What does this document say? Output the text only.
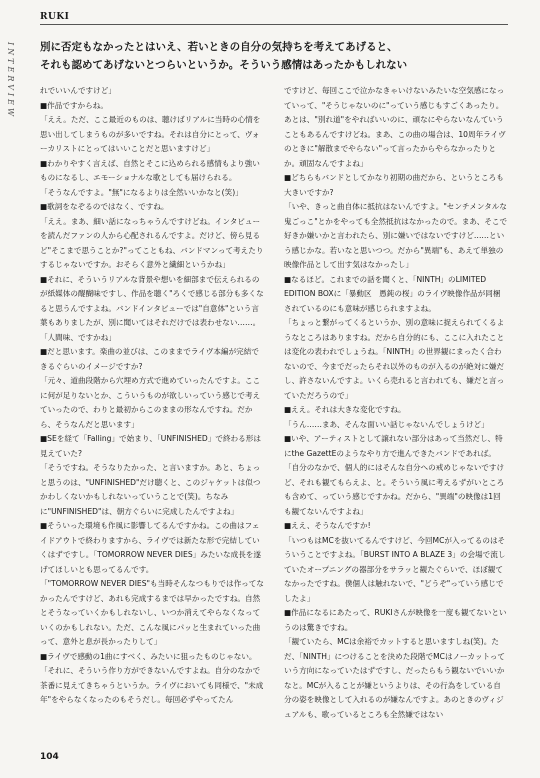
RUKI
INTERVIEW 別に否定もなかったとはいえ、若いときの自分の気持ちを考えてあげると、
それも認めてあげないとつらいというか。そういう感情はあったかもしれない

れでいいんですけど」

■作品ですからね。

「ええ。ただ、ここ最近のものは、聴けばリアルに当時の心情を思い出してしまうものが多いですね。それは自分にとって、ヴォーカリストにとってはいいことだと思いますけど」

■わかりやすく言えば、自然とそこに込められる感情もより強いものになるし、エモーショナルな歌としても届けられる。

「そうなんですよ。"無"になるよりは全然いいかなと(笑)」

■歌詞をなぞるのではなく、ですね。

「ええ。まあ、細い話になっちゃうんですけどね。インタビューを読んだファンの人から心配されるんですよ。だけど、傍ら見るど"そこまで思うことか?"ってこともね、バンドマンって考えたりするじゃないですか。おそらく意外と繊細というかね」

■それに、そういうリアルな背景や想いを細部まで伝えられるのが紙媒体の醍醐味ですし、作品を聴く"ろくで感じる部分も多くなると思うんですよね。バンドインタビューでは"自意体"という言葉もありましたが、別に聞いてはそれだけでは表わせない……。

「人間味、ですかね」

■だと思います。楽曲の並びは、このままでライヴ本編が完結できるぐらいのイメージですか?

「元々、道曲段階から穴埋め方式で進めていったんですよ。ここに何が足りないとか、こういうものが欲しいっていう感じで考えていったので、わりと最初からこのままの形なんですね。だから、そうなんだと思います」

■SEを経て「Falling」で始まり、「UNFINISHED」で終わる形は見えていた?

「そうですね。そうなりたかった、と言いますか。あと、ちょっと思うのは、"UNFINISHED"だけ聴くと、このジャケットは似つかわしくないかもしれないっていうことで(笑)。ちなみに"UNFINISHED"は、朝方ぐらいに完成したんですよね」

■そういった環境も作風に影響してるんですかね。この曲はフェイドアウトで終わりますから、ライヴでは新たな形で完結していくはずですし。「TOMORROW NEVER DIES」みたいな成長を遂げてほしいとも思ってるんです。

「"TOMORROW NEVER DIES"も当時そんなつもりでは作ってなかったんですけど、あれも完成するまでは早かったですね。自然とそうなっていくかもしれないし、いつか消えてやらなくなっていくのかもしれない。ただ、こんな風にパッと生まれていった曲って、意外と息が長かったりして」

■ライヴで感動の1曲にすべく、みたいに狙ったものじゃない。

「それに、そういう作り方ができないんですよね。自分のなかで茶番に見えてきちゃうというか。ライヴにおいても同様で、"未成年"をやらなくなったのもそうだし。毎回必ずやってたん

ですけど、毎回ここで泣かなきゃいけないみたいな空気感になっていって、"そうじゃないのに"っていう感じもすごくあったり。あとは、"別れ道"をやればいいのに、頑なにやらないなんていうこともあるんですけどね。まあ、この曲の場合は、10周年ライヴのときに"解散までやらない"って言ったからやらなかったりとか。頑固なんですよね」

■どちらもバンドとしてかなり初期の曲だから、というところも大きいですか?

「いや、きっと曲自体に抵抗はないんですよ。"センチメンタルな鬼ごっこ"とかをやっても全然抵抗はなかったので。まあ、そこで好きか嫌いかと言われたら、別に嫌いではないですけど……という感じかな。若いなと思いつつ。だから"異端"も、あえて単独の映像作品として出す気はなかったし」

■なるほど。これまでの話を聞くと、「NINTH」のLIMITED EDITION BOXに「暴動区　愚鈍の桜」のライヴ映像作品が同梱されているのにも意味が感じられますよね。

「ちょっと繋がってくるというか、別の意味に捉えられてくるようなところはありますね。だから自分的にも、ここに入れたことは変化の表われでしょうね。「NINTH」の世界観にまったく合わないので、今までだったらそれ以外のものが入るのが絶対に嫌だし、許さないんですよ。いくら売れると言われても、嫌だと言っていただろうので」

■ええ。それは大きな変化ですね。

「うん……まあ、そんな面いい話じゃないんでしょうけど」

■いや、アーティストとして譲れない部分はあって当然だし、特にthe GazettEのようなやり方で進んできたバンドであれば。

「自分のなかで、個人的にはそんな自分への戒めじゃないですけど、それも観てもらえよ、と。そういう風に考えるずがいところも含めて、っていう感じですかね。だから、"異端"の映像は1回も観てないんですよね」

■ええ、そうなんですか!

「いつもはMCを抜いてるんですけど、今回MCが入ってるのはそういうことですよね。「BURST INTO A BLAZE 3」の会場で流していたオープニングの器部分をサラッと観たぐらいで、ほぼ観てなかったですね。僕個人は触れないで、"どうぞ"っていう感じでしたよ」

■作品になるにあたって、RUKIさんが映像を一度も観てないというのは驚きですね。

「観ていたら、MCは余裕でカットすると思いますしね(笑)。ただ、「NINTH」につけることを決めた段階でMCはノーカットっていう方向になっていたはずですし、だったらもう観ないでいいかなと。MCが入ることが嫌というよりは、その行為をしている自分の姿を映像として入れるのが嫌なんですよ。あのときのヴィジュアルも、歌っているところも全然嫌ではない

104
